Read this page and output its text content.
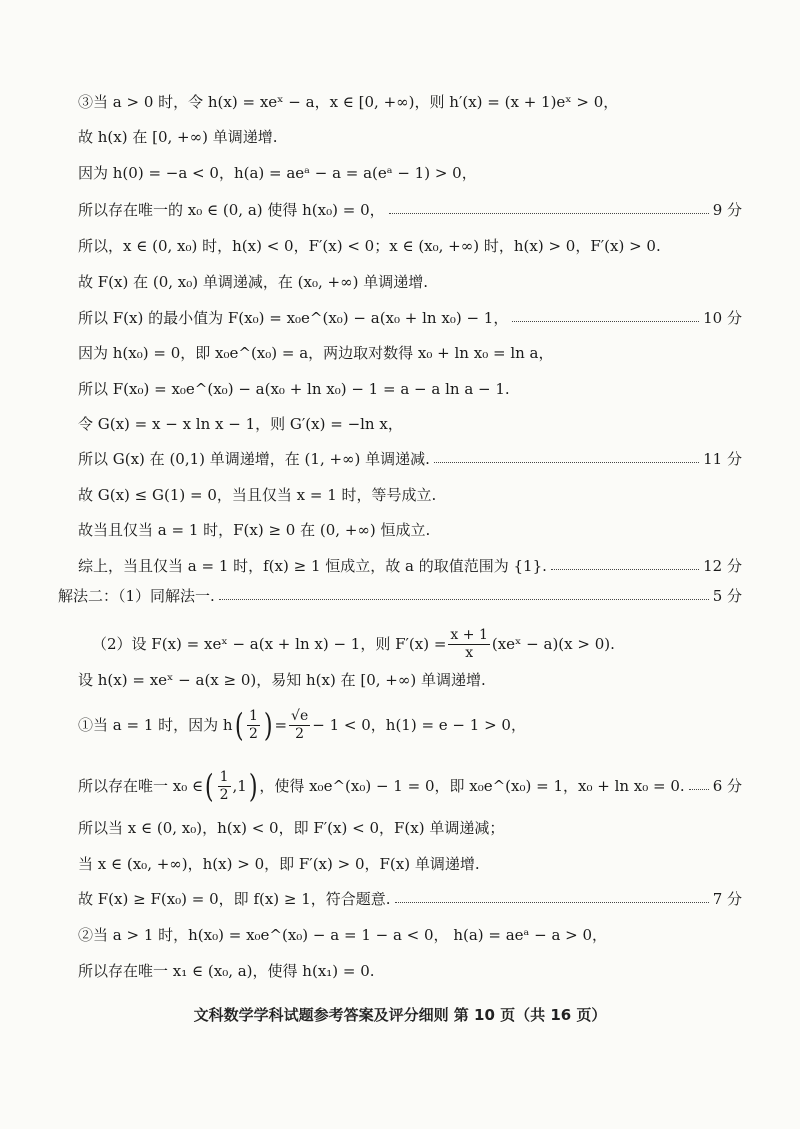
③当 a > 0 时，令 h(x) = xeˣ − a，x ∈ [0, +∞)，则 h′(x) = (x + 1)eˣ > 0，
故 h(x) 在 [0, +∞) 单调递增.
因为 h(0) = −a < 0，h(a) = aeᵃ − a = a(eᵃ − 1) > 0，
所以存在唯一的 x₀ ∈ (0, a) 使得 h(x₀) = 0，	9 分
所以，x ∈ (0, x₀) 时，h(x) < 0，F′(x) < 0；x ∈ (x₀, +∞) 时，h(x) > 0，F′(x) > 0.
故 F(x) 在 (0, x₀) 单调递减，在 (x₀, +∞) 单调递增.
所以 F(x) 的最小值为 F(x₀) = x₀e^(x₀) − a(x₀ + ln x₀) − 1，	10 分
因为 h(x₀) = 0，即 x₀e^(x₀) = a，两边取对数得 x₀ + ln x₀ = ln a，
所以 F(x₀) = x₀e^(x₀) − a(x₀ + ln x₀) − 1 = a − a ln a − 1.
令 G(x) = x − x ln x − 1，则 G′(x) = −ln x，
所以 G(x) 在 (0,1) 单调递增，在 (1, +∞) 单调递减.	11 分
故 G(x) ≤ G(1) = 0，当且仅当 x = 1 时，等号成立.
故当且仅当 a = 1 时，F(x) ≥ 0 在 (0, +∞) 恒成立.
综上，当且仅当 a = 1 时，f(x) ≥ 1 恒成立，故 a 的取值范围为 {1}.	12 分
解法二：（1）同解法一.	5 分
（2）设 F(x) = xeˣ − a(x + ln x) − 1，则 $F'(x) = \frac{x + 1}{x}$ (xeˣ − a)(x > 0).
设 h(x) = xeˣ − a(x ≥ 0)，易知 h(x) 在 [0, +∞) 单调递增.
①当 a = 1 时，因为 h ( $\frac{1}{2}$ ) = $\frac{√e}{2} - 1 < 0$，h(1) = e − 1 > 0，
所以存在唯一 x₀ ∈ ( $\frac{1}{2} ,1$ ) ，使得 x₀e^(x₀) − 1 = 0，即 x₀e^(x₀) = 1，x₀ + ln x₀ = 0. 6 分
所以当 x ∈ (0, x₀)，h(x) < 0，即 F′(x) < 0，F(x) 单调递减；
当 x ∈ (x₀, +∞)，h(x) > 0，即 F′(x) > 0，F(x) 单调递增.
故 F(x) ≥ F(x₀) = 0，即 f(x) ≥ 1，符合题意.	7 分
②当 a > 1 时，h(x₀) = x₀e^(x₀) − a = 1 − a < 0， h(a) = aeᵃ − a > 0，
所以存在唯一 x₁ ∈ (x₀, a)，使得 h(x₁) = 0.
文科数学学科试题参考答案及评分细则 第 10 页（共 16 页）
